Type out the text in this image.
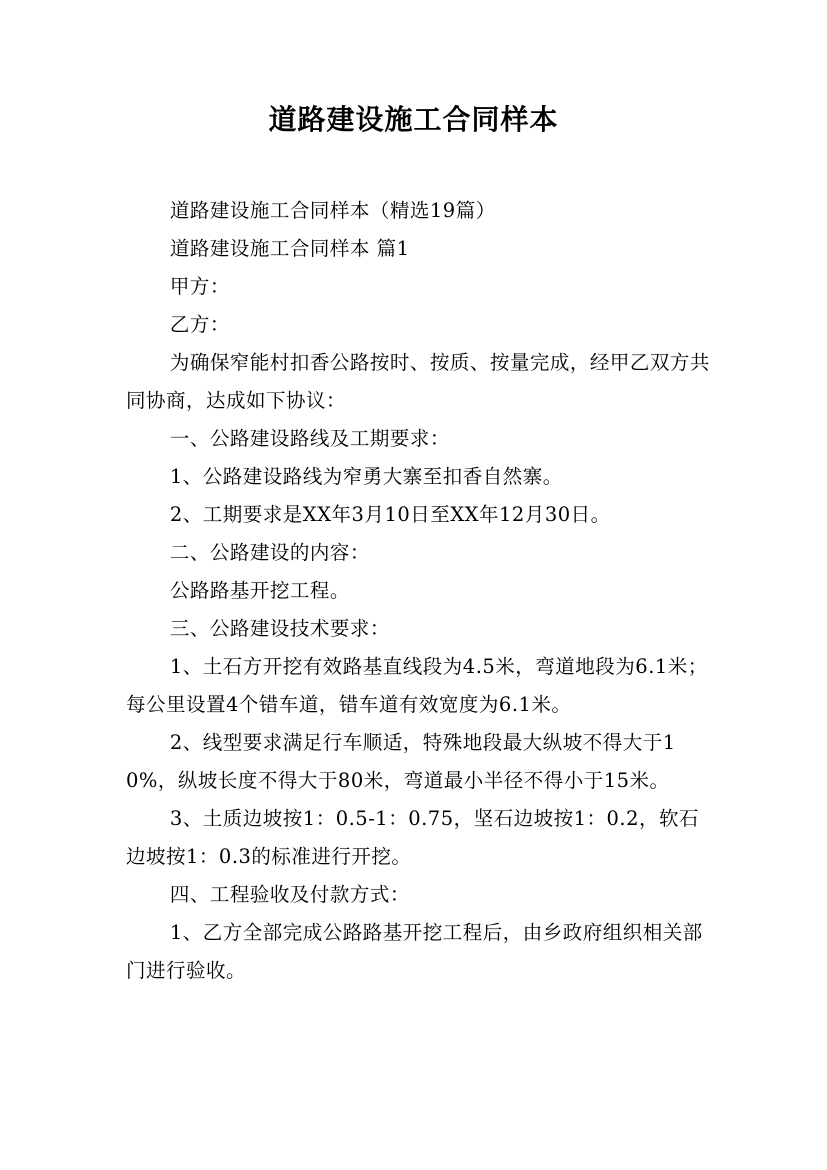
道路建设施工合同样本

道路建设施工合同样本（精选19篇）

道路建设施工合同样本 篇1

甲方：

乙方：

为确保窄能村扣香公路按时、按质、按量完成，经甲乙双方共同协商，达成如下协议：

一、公路建设路线及工期要求：

1、公路建设路线为窄勇大寨至扣香自然寨。

2、工期要求是XX年3月10日至XX年12月30日。

二、公路建设的内容：

公路路基开挖工程。

三、公路建设技术要求：

1、土石方开挖有效路基直线段为4.5米，弯道地段为6.1米；每公里设置4个错车道，错车道有效宽度为6.1米。

2、线型要求满足行车顺适，特殊地段最大纵坡不得大于10%，纵坡长度不得大于80米，弯道最小半径不得小于15米。

3、土质边坡按1：0.5-1：0.75，坚石边坡按1：0.2，软石边坡按1：0.3的标准进行开挖。

四、工程验收及付款方式：

1、乙方全部完成公路路基开挖工程后，由乡政府组织相关部门进行验收。
